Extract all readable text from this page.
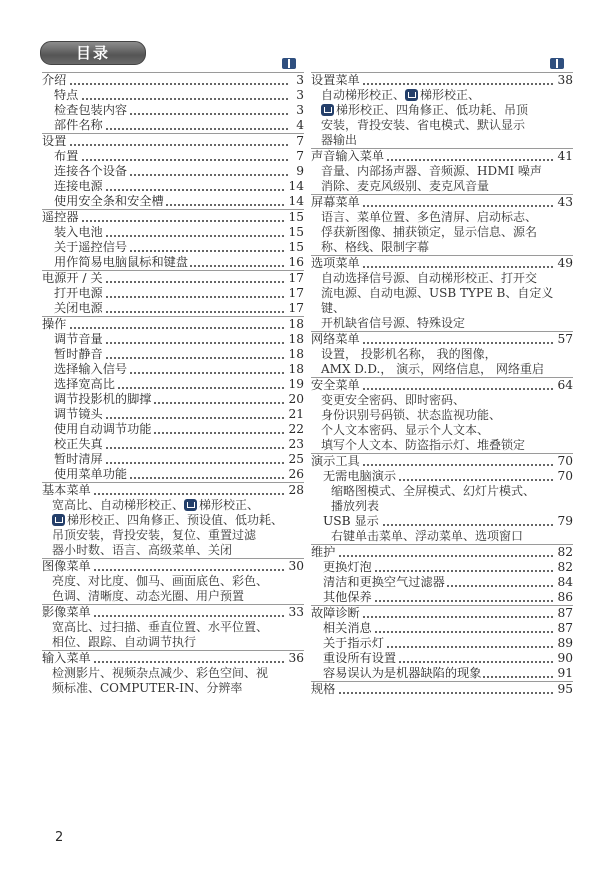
目录
介绍	3
特点	3
检查包装内容	3
部件名称	4
设置	7
布置	7
连接各个设备	9
连接电源	14
使用安全条和安全槽	14
遥控器	15
装入电池	15
关于遥控信号	15
用作简易电脑鼠标和键盘	16
电源开 / 关	17
打开电源	17
关闭电源	17
操作	18
调节音量	18
暂时静音	18
选择输入信号	18
选择宽高比	19
调节投影机的脚撑	20
调节镜头	21
使用自动调节功能	22
校正失真	23
暂时清屏	25
使用菜单功能	26
基本菜单	28
宽高比、自动梯形校正、 梯形校正、
梯形校正、四角修正、预设值、低功耗、
吊顶安装，背投安装，复位、重置过滤
器小时数、语言、高级菜单、关闭
图像菜单	30
亮度、对比度、伽马、画面底色、彩色、
色调、清晰度、动态光圈、用户预置
影像菜单	33
宽高比、过扫描、垂直位置、水平位置、
相位、跟踪、自动调节执行
输入菜单	36
检测影片、视频杂点减少、彩色空间、视
频标准、COMPUTER-IN、分辨率
设置菜单	38
自动梯形校正、 梯形校正、
梯形校正、四角修正、低功耗、吊顶
安装，背投安装、省电模式、默认显示
器输出
声音输入菜单	41
音量、内部扬声器、音频源、HDMI 噪声
消除、麦克风级别、麦克风音量
屏幕菜单	43
语言、菜单位置、多色清屏、启动标志、
俘获新图像、捕获锁定，显示信息、源名
称、格线、限制字幕
选项菜单	49
自动选择信号源、自动梯形校正、打开交
流电源、自动电源、USB TYPE B、自定义键、
开机缺省信号源、特殊设定
网络菜单	57
设置， 投影机名称， 我的图像，
AMX D.D.， 演示，网络信息， 网络重启
安全菜单	64
变更安全密码、即时密码、
身份识别号码锁、状态监视功能、
个人文本密码、显示个人文本、
填写个人文本、防盗指示灯、堆叠锁定
演示工具	70
无需电脑演示	70
缩略图模式、全屏模式、幻灯片模式、
播放列表
USB 显示	79
右键单击菜单、浮动菜单、选项窗口
维护	82
更换灯泡	82
清洁和更换空气过滤器	84
其他保养	86
故障诊断	87
相关消息	87
关于指示灯	89
重设所有设置	90
容易误认为是机器缺陷的现象	91
规格	95
2
